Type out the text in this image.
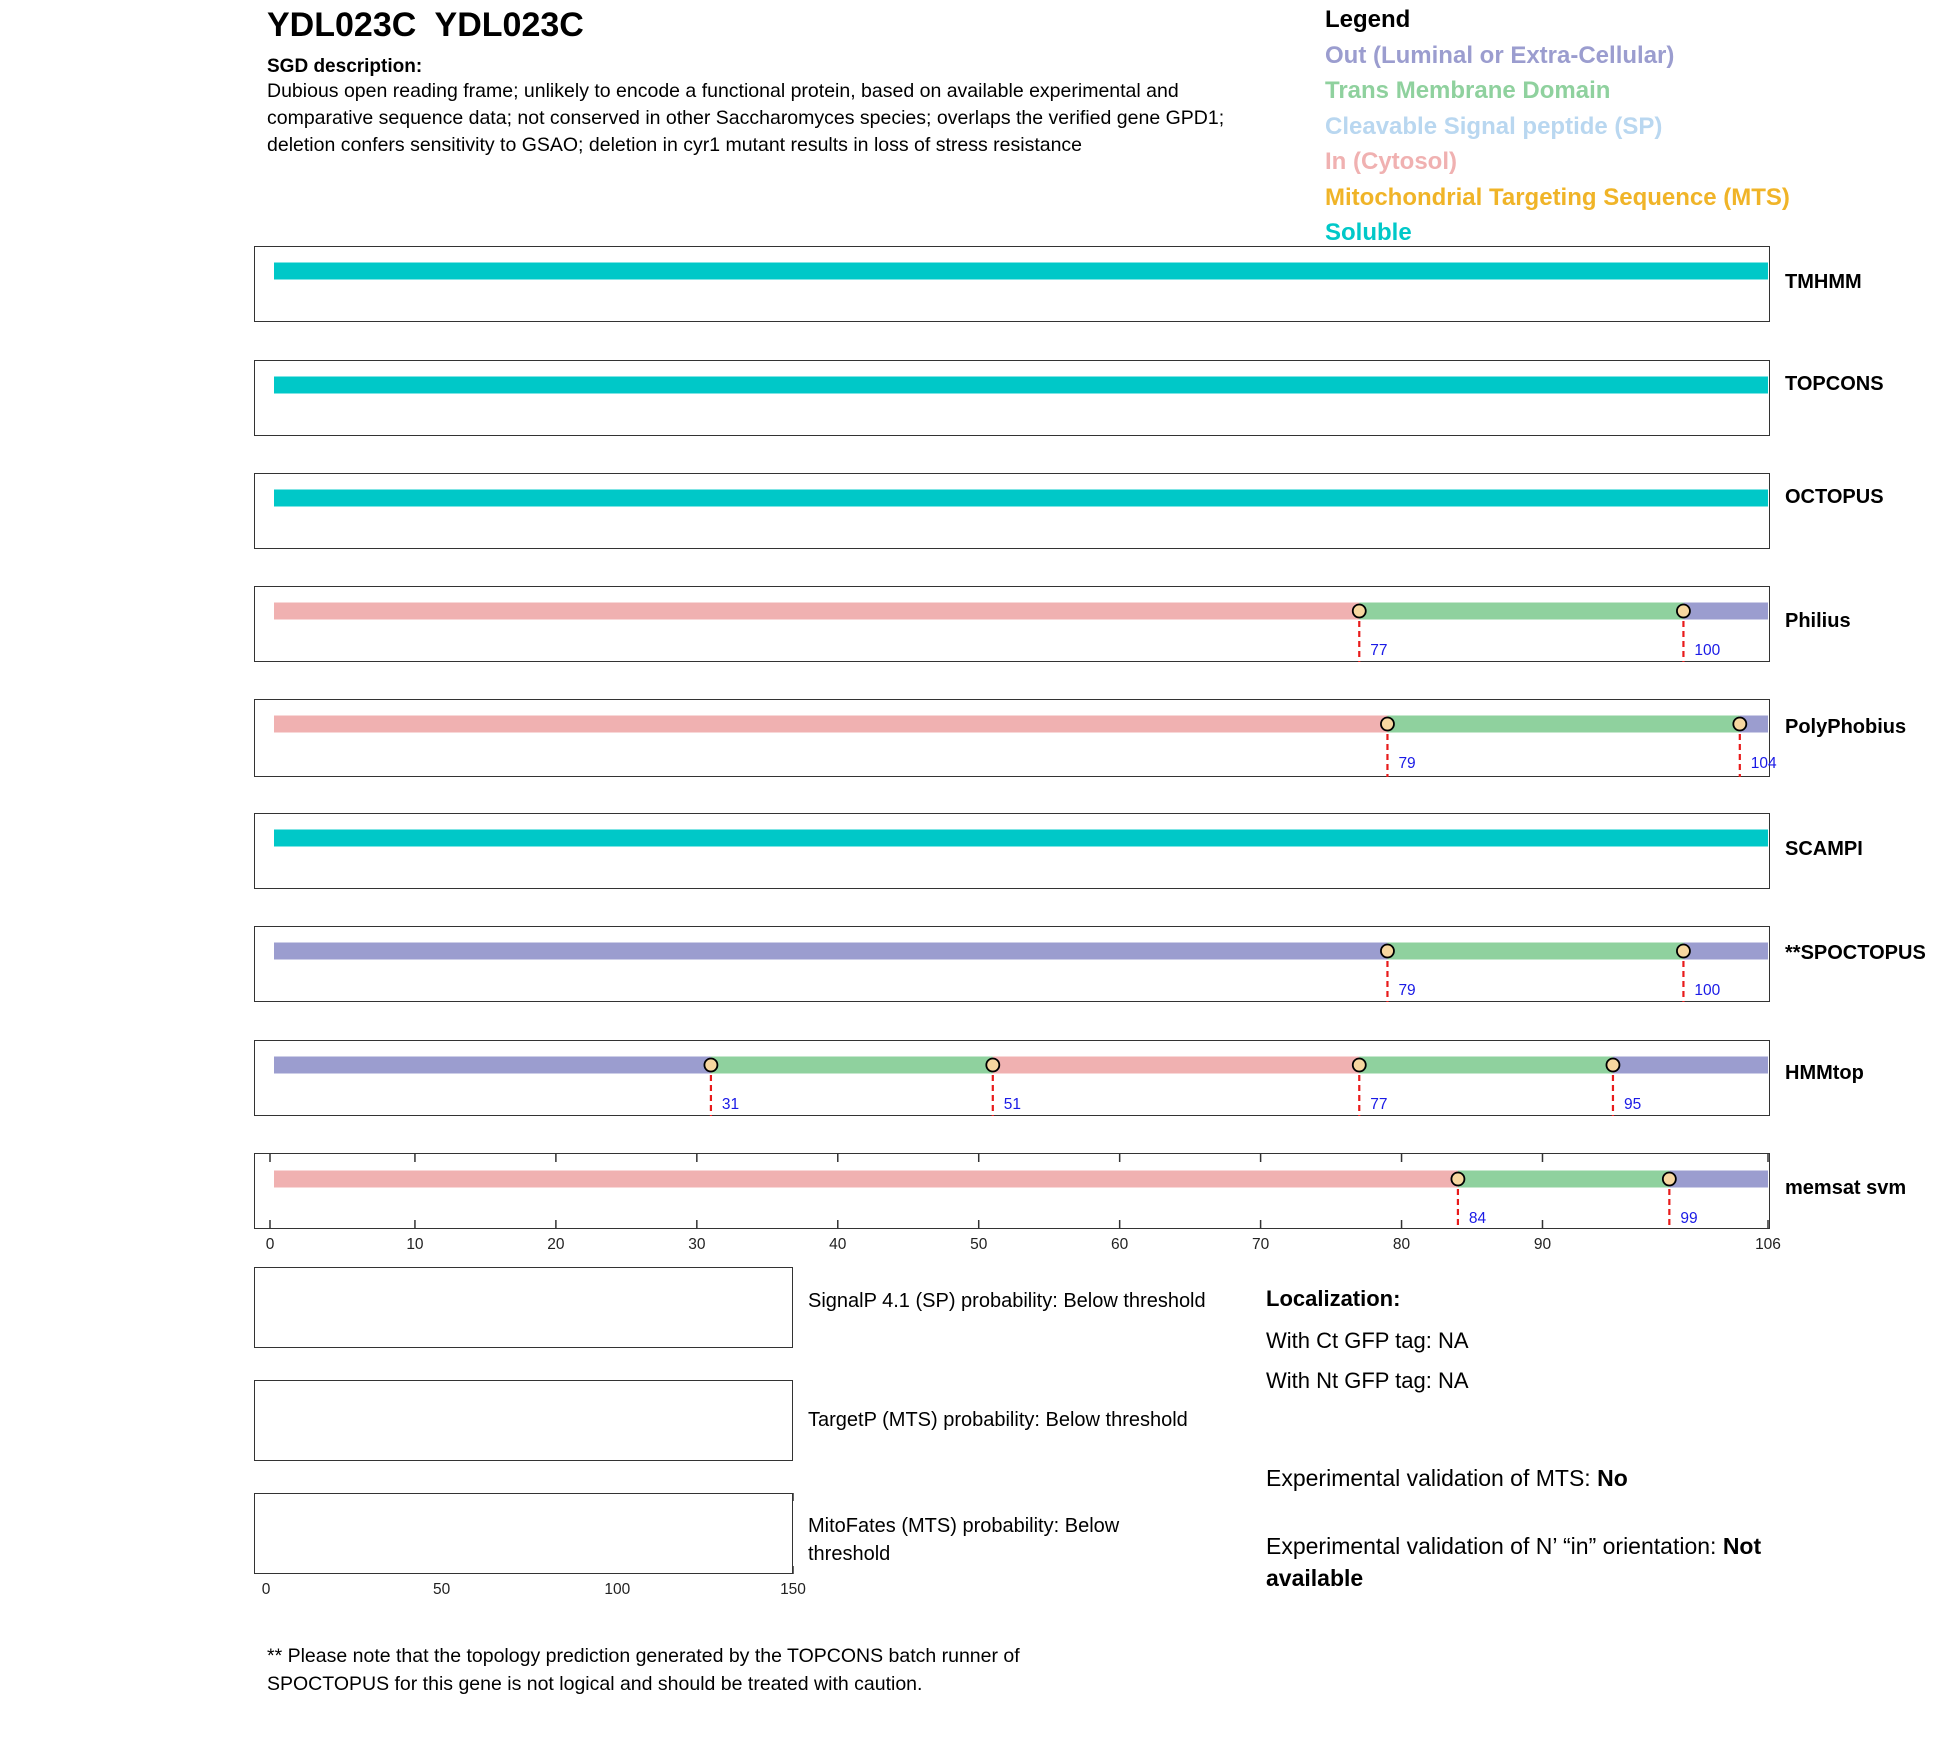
YDL023C  YDL023C
SGD description:
Dubious open reading frame; unlikely to encode a functional protein, based on available experimental and comparative sequence data; not conserved in other Saccharomyces species; overlaps the verified gene GPD1; deletion confers sensitivity to GSAO; deletion in cyr1 mutant results in loss of stress resistance
Legend
Out (Luminal or Extra-Cellular)
Trans Membrane Domain
Cleavable Signal peptide (SP)
In (Cytosol)
Mitochondrial Targeting Sequence (MTS)
Soluble
TMHMM
TOPCONS
OCTOPUS
Philius
PolyPhobius
SCAMPI
**SPOCTOPUS
HMMtop
memsat svm
77	100
79	104
79	100
31	51	77	95
84	99
0	10	20	30	40	50	60	70	80	90	106
0	50	100	150
SignalP 4.1 (SP) probability: Below threshold
TargetP (MTS) probability: Below threshold
MitoFates (MTS) probability: Below threshold
Localization:
With Ct GFP tag: NA
With Nt GFP tag: NA
Experimental validation of MTS: No
Experimental validation of N’ “in” orientation: Not available
** Please note that the topology prediction generated by the TOPCONS batch runner of SPOCTOPUS for this gene is not logical and should be treated with caution.
